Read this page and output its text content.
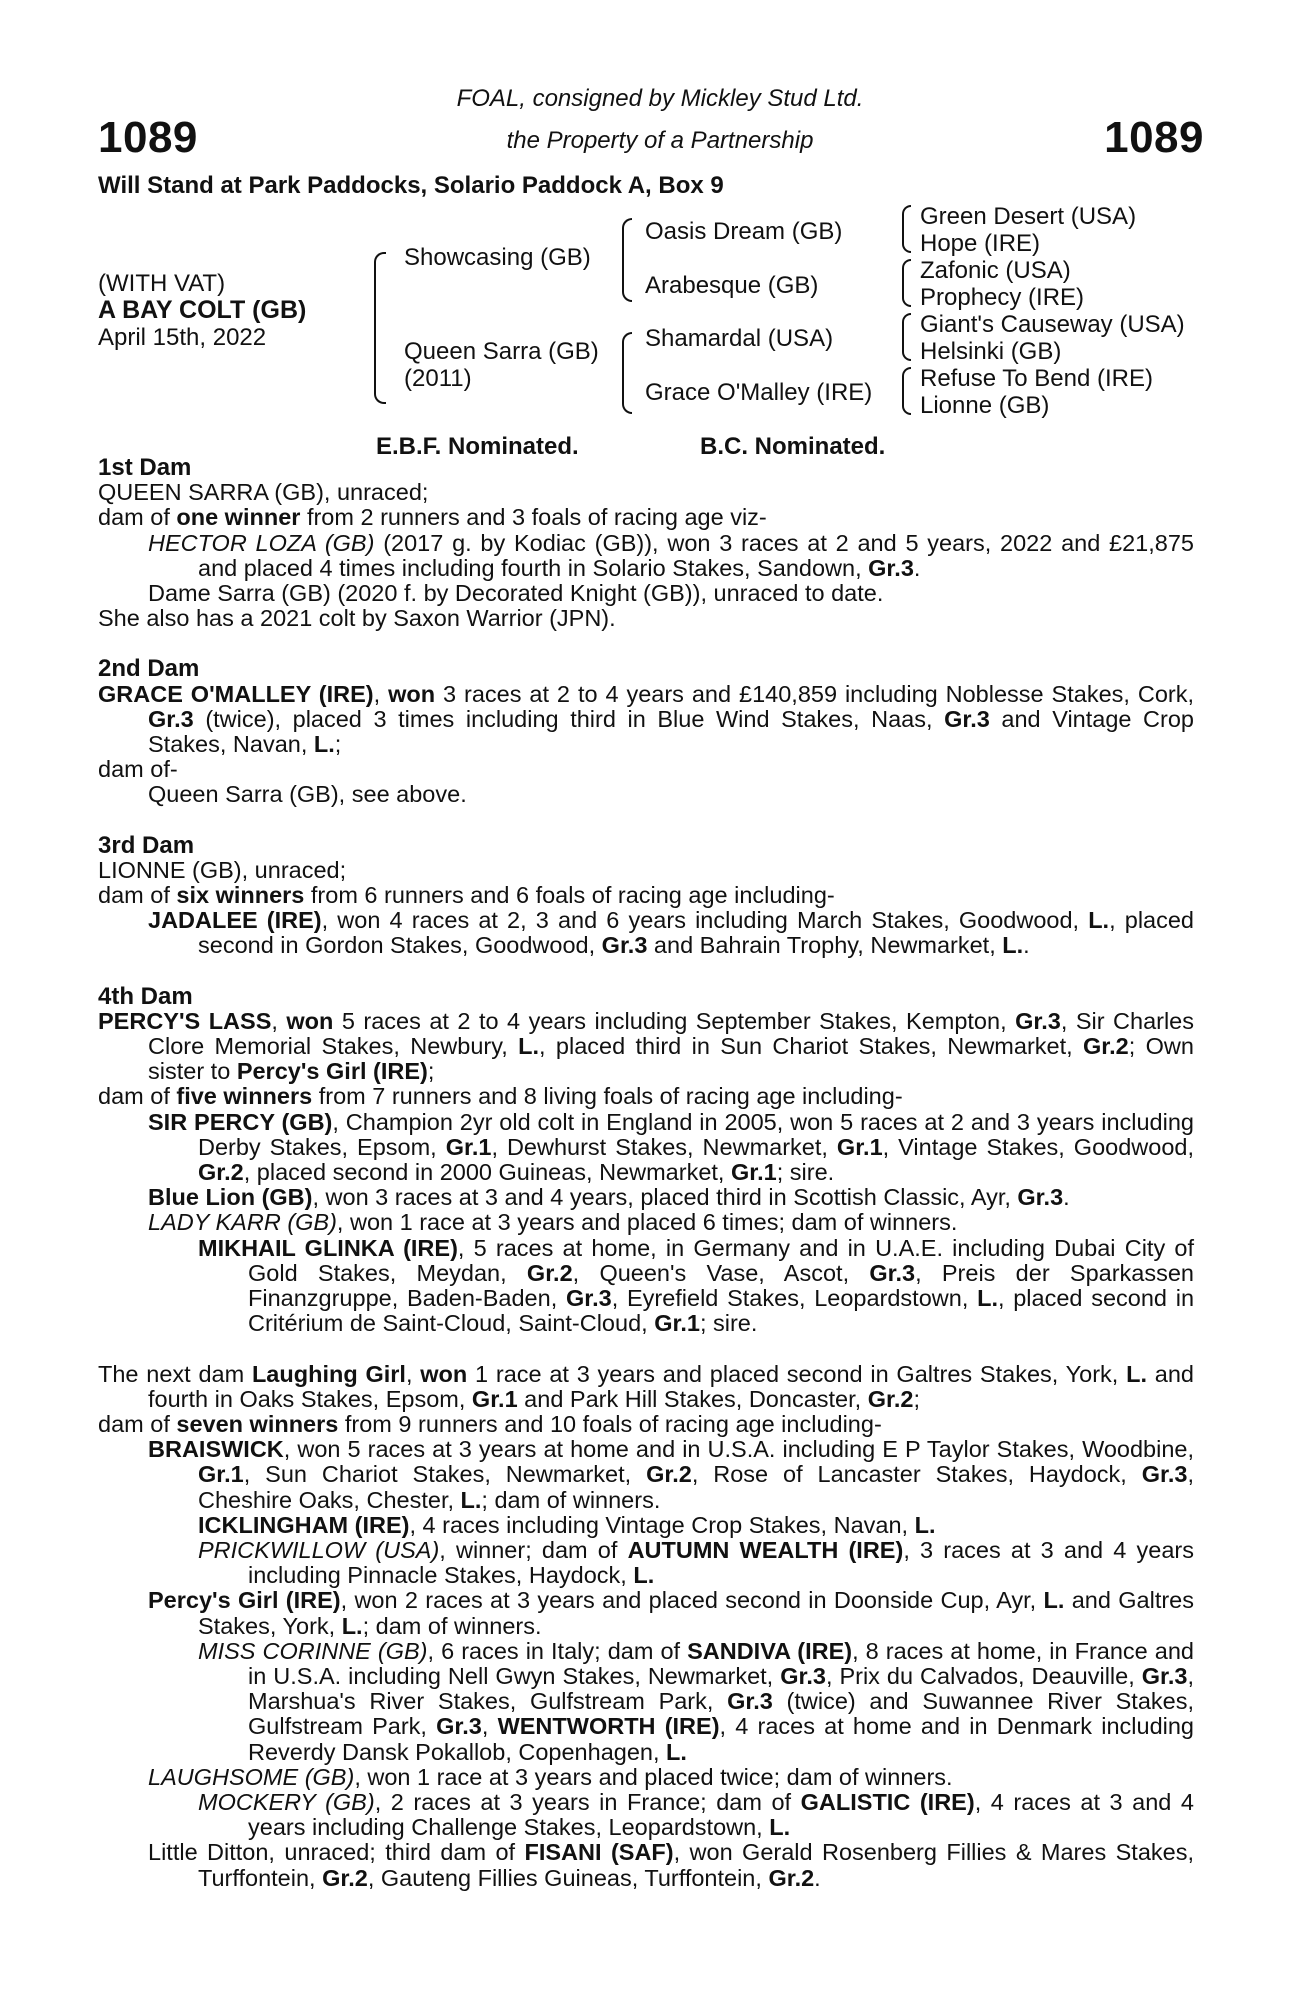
1089	1089
FOAL, consigned by Mickley Stud Ltd.
the Property of a Partnership
Will Stand at Park Paddocks, Solario Paddock A, Box 9
(WITH VAT)
A BAY COLT (GB)
April 15th, 2022
Showcasing (GB)
Queen Sarra (GB)
(2011)
Oasis Dream (GB)
Arabesque (GB)
Shamardal (USA)
Grace O'Malley (IRE)
Green Desert (USA)
Hope (IRE)
Zafonic (USA)
Prophecy (IRE)
Giant's Causeway (USA)
Helsinki (GB)
Refuse To Bend (IRE)
Lionne (GB)
E.B.F. Nominated.	B.C. Nominated.
1st Dam
QUEEN SARRA (GB), unraced;
dam of one winner from 2 runners and 3 foals of racing age viz-
HECTOR LOZA (GB) (2017 g. by Kodiac (GB)), won 3 races at 2 and 5 years, 2022 and £21,875 and placed 4 times including fourth in Solario Stakes, Sandown, Gr.3.
Dame Sarra (GB) (2020 f. by Decorated Knight (GB)), unraced to date.
She also has a 2021 colt by Saxon Warrior (JPN).
2nd Dam
GRACE O'MALLEY (IRE), won 3 races at 2 to 4 years and £140,859 including Noblesse Stakes, Cork, Gr.3 (twice), placed 3 times including third in Blue Wind Stakes, Naas, Gr.3 and Vintage Crop Stakes, Navan, L.;
dam of-
Queen Sarra (GB), see above.
3rd Dam
LIONNE (GB), unraced;
dam of six winners from 6 runners and 6 foals of racing age including-
JADALEE (IRE), won 4 races at 2, 3 and 6 years including March Stakes, Goodwood, L., placed second in Gordon Stakes, Goodwood, Gr.3 and Bahrain Trophy, Newmarket, L..
4th Dam
PERCY'S LASS, won 5 races at 2 to 4 years including September Stakes, Kempton, Gr.3, Sir Charles Clore Memorial Stakes, Newbury, L., placed third in Sun Chariot Stakes, Newmarket, Gr.2; Own sister to Percy's Girl (IRE);
dam of five winners from 7 runners and 8 living foals of racing age including-
SIR PERCY (GB), Champion 2yr old colt in England in 2005, won 5 races at 2 and 3 years including Derby Stakes, Epsom, Gr.1, Dewhurst Stakes, Newmarket, Gr.1, Vintage Stakes, Goodwood, Gr.2, placed second in 2000 Guineas, Newmarket, Gr.1; sire.
Blue Lion (GB), won 3 races at 3 and 4 years, placed third in Scottish Classic, Ayr, Gr.3.
LADY KARR (GB), won 1 race at 3 years and placed 6 times; dam of winners.
MIKHAIL GLINKA (IRE), 5 races at home, in Germany and in U.A.E. including Dubai City of Gold Stakes, Meydan, Gr.2, Queen's Vase, Ascot, Gr.3, Preis der Sparkassen Finanzgruppe, Baden-Baden, Gr.3, Eyrefield Stakes, Leopardstown, L., placed second in Critérium de Saint-Cloud, Saint-Cloud, Gr.1; sire.
The next dam Laughing Girl, won 1 race at 3 years and placed second in Galtres Stakes, York, L. and fourth in Oaks Stakes, Epsom, Gr.1 and Park Hill Stakes, Doncaster, Gr.2;
dam of seven winners from 9 runners and 10 foals of racing age including-
BRAISWICK, won 5 races at 3 years at home and in U.S.A. including E P Taylor Stakes, Woodbine, Gr.1, Sun Chariot Stakes, Newmarket, Gr.2, Rose of Lancaster Stakes, Haydock, Gr.3, Cheshire Oaks, Chester, L.; dam of winners.
ICKLINGHAM (IRE), 4 races including Vintage Crop Stakes, Navan, L.
PRICKWILLOW (USA), winner; dam of AUTUMN WEALTH (IRE), 3 races at 3 and 4 years including Pinnacle Stakes, Haydock, L.
Percy's Girl (IRE), won 2 races at 3 years and placed second in Doonside Cup, Ayr, L. and Galtres Stakes, York, L.; dam of winners.
MISS CORINNE (GB), 6 races in Italy; dam of SANDIVA (IRE), 8 races at home, in France and in U.S.A. including Nell Gwyn Stakes, Newmarket, Gr.3, Prix du Calvados, Deauville, Gr.3, Marshua's River Stakes, Gulfstream Park, Gr.3 (twice) and Suwannee River Stakes, Gulfstream Park, Gr.3, WENTWORTH (IRE), 4 races at home and in Denmark including Reverdy Dansk Pokallob, Copenhagen, L.
LAUGHSOME (GB), won 1 race at 3 years and placed twice; dam of winners.
MOCKERY (GB), 2 races at 3 years in France; dam of GALISTIC (IRE), 4 races at 3 and 4 years including Challenge Stakes, Leopardstown, L.
Little Ditton, unraced; third dam of FISANI (SAF), won Gerald Rosenberg Fillies & Mares Stakes, Turffontein, Gr.2, Gauteng Fillies Guineas, Turffontein, Gr.2.
